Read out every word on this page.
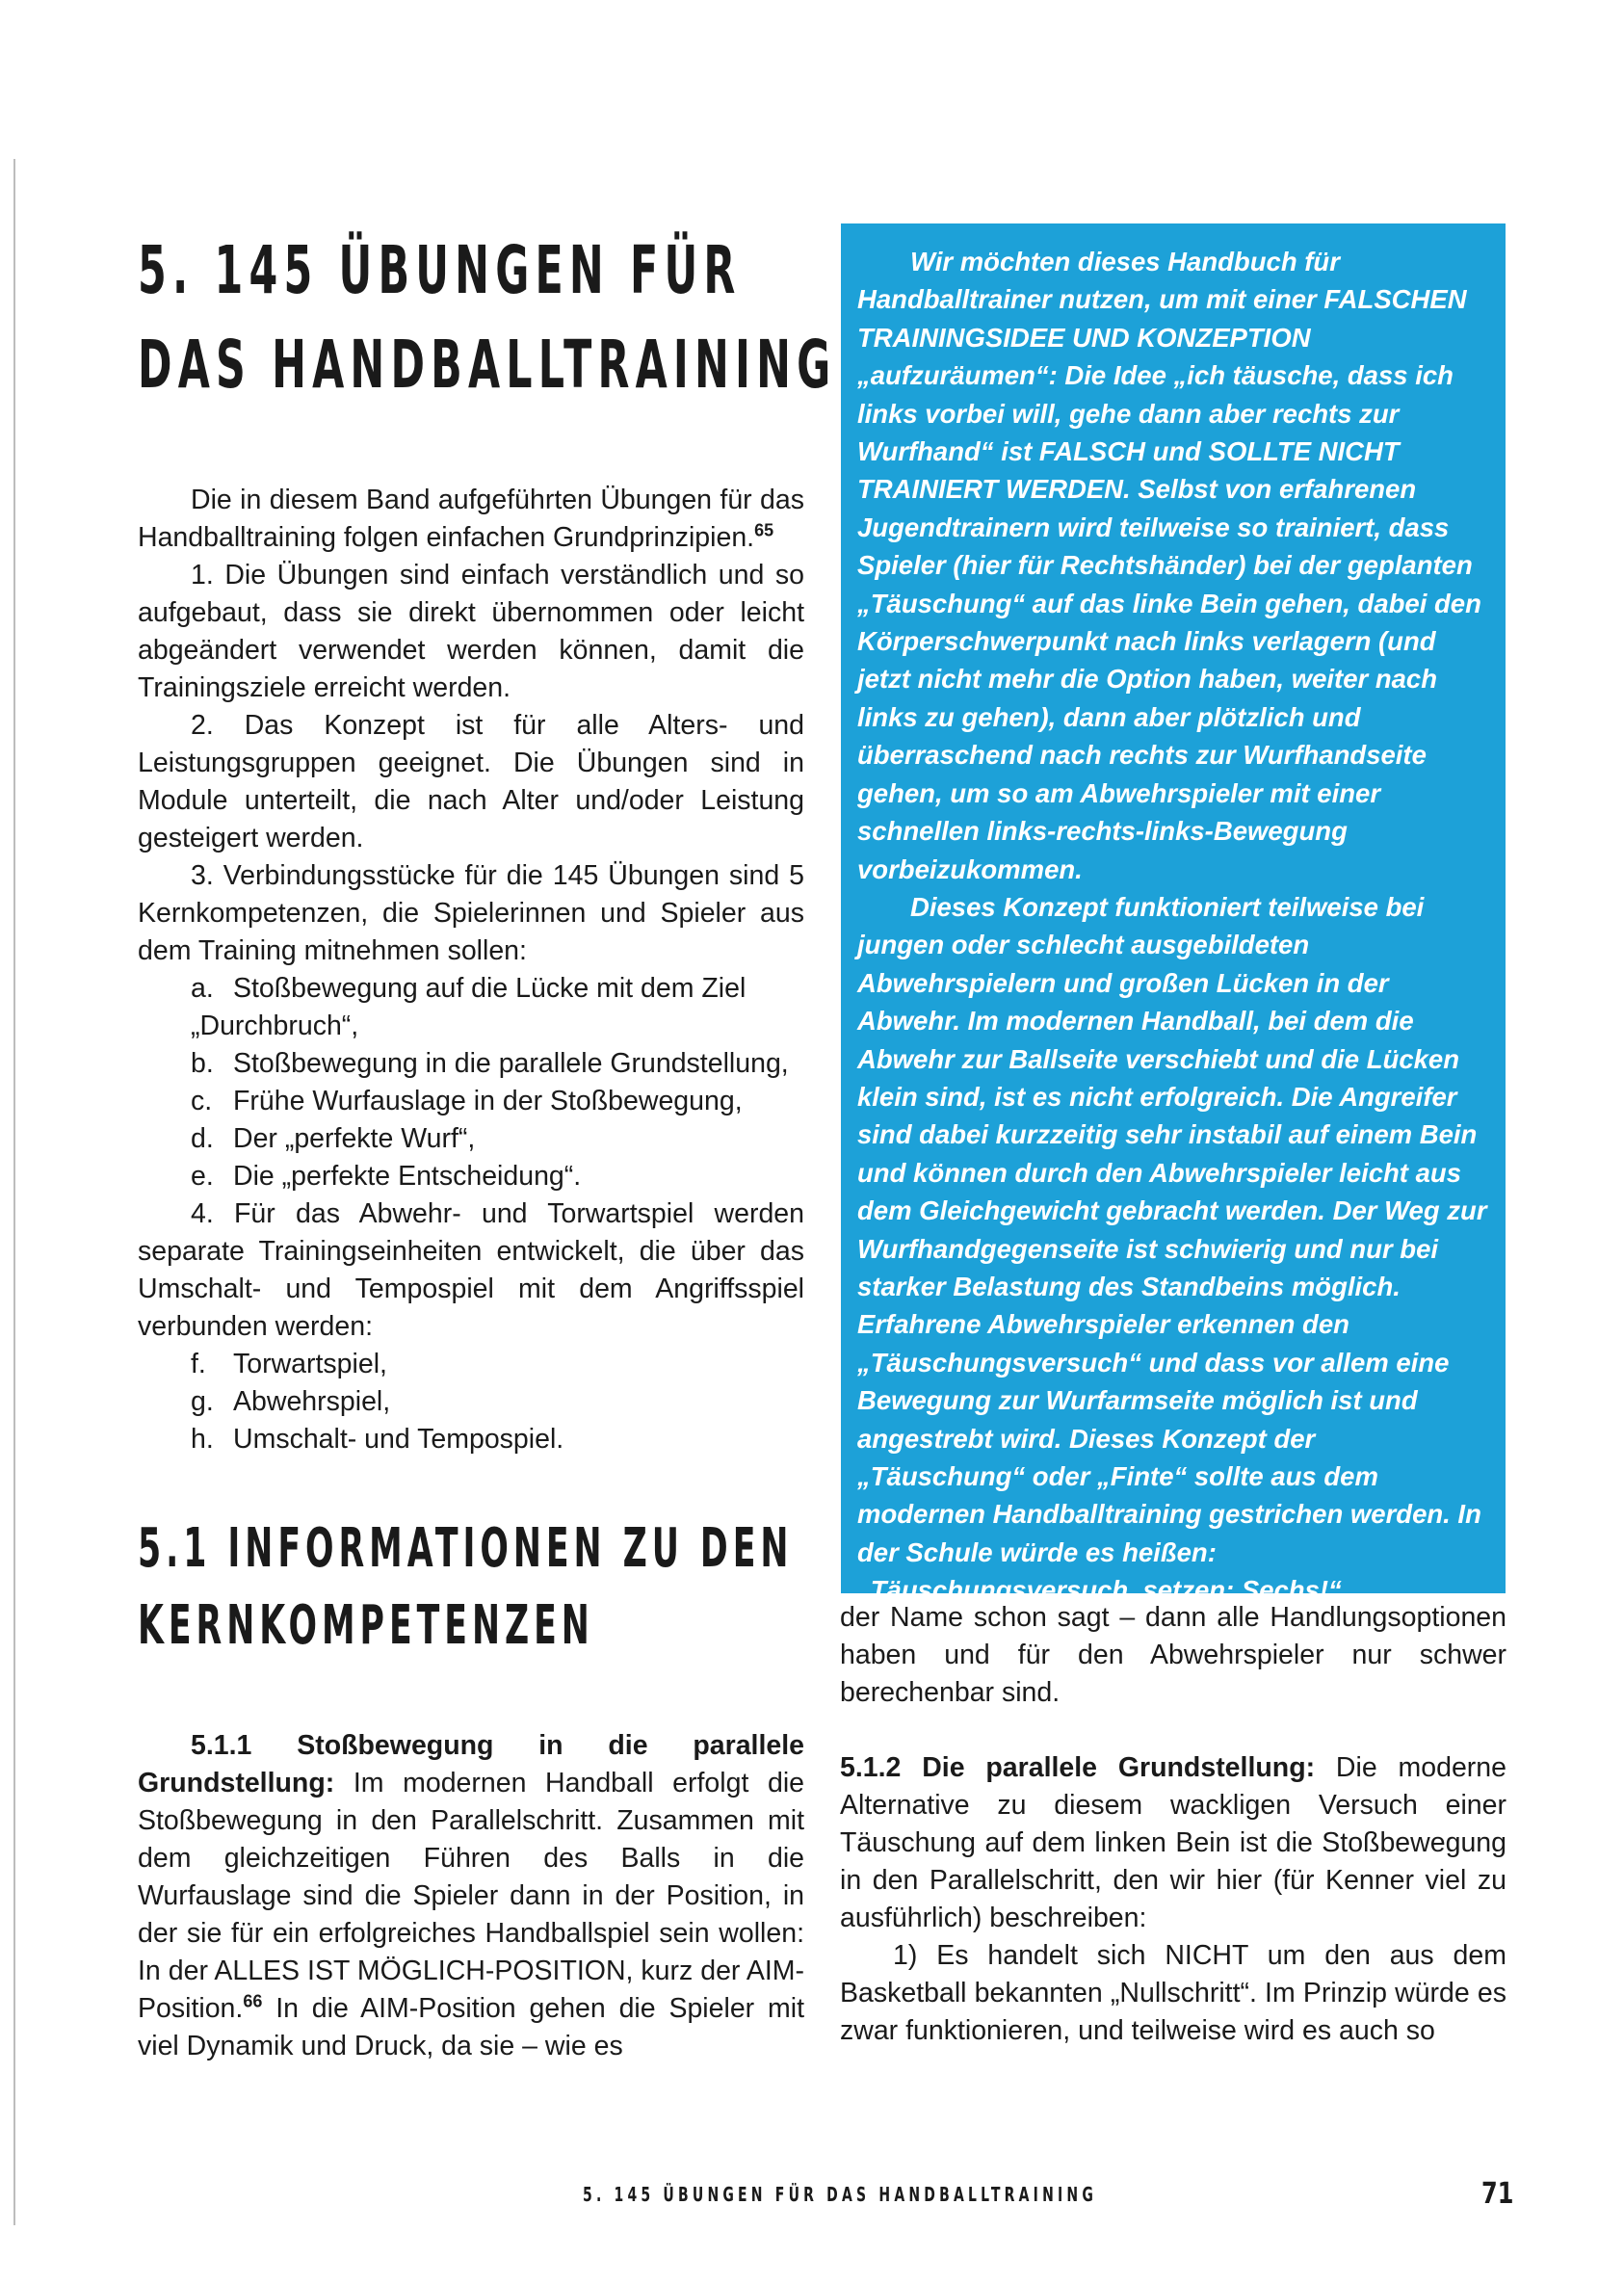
5. 145 ÜBUNGEN FÜR
DAS HANDBALLTRAINING

Die in diesem Band aufgeführten Übungen für das Handballtraining folgen einfachen Grundprinzipien.$^{65}$

1. Die Übungen sind einfach verständlich und so aufgebaut, dass sie direkt übernommen oder leicht abgeändert verwendet werden können, damit die Trainingsziele erreicht werden.

2. Das Konzept ist für alle Alters- und Leistungsgruppen geeignet. Die Übungen sind in Module unterteilt, die nach Alter und/oder Leistung gesteigert werden.

3. Verbindungsstücke für die 145 Übungen sind 5 Kernkompetenzen, die Spielerinnen und Spieler aus dem Training mitnehmen sollen:

a. Stoßbewegung auf die Lücke mit dem Ziel „Durchbruch“,
b. Stoßbewegung in die parallele Grundstellung,
c. Frühe Wurfauslage in der Stoßbewegung,
d. Der „perfekte Wurf“,
e. Die „perfekte Entscheidung“.

4. Für das Abwehr- und Torwartspiel werden separate Trainingseinheiten entwickelt, die über das Umschalt- und Tempospiel mit dem Angriffsspiel verbunden werden:

f. Torwartspiel,
g. Abwehrspiel,
h. Umschalt- und Tempospiel.
5.1 INFORMATIONEN ZU DEN
KERNKOMPETENZEN

5.1.1 Stoßbewegung in die parallele Grundstellung: Im modernen Handball erfolgt die Stoßbewegung in den Parallelschritt. Zusammen mit dem gleichzeitigen Führen des Balls in die Wurfauslage sind die Spieler dann in der Position, in der sie für ein erfolgreiches Handballspiel sein wollen: In der ALLES IST MÖGLICH-POSITION, kurz der AIM-Position.$^{66}$ In die AIM-Position gehen die Spieler mit viel Dynamik und Druck, da sie – wie es

Wir möchten dieses Handbuch für Handballtrainer nutzen, um mit einer FALSCHEN TRAININGSIDEE UND KONZEPTION „aufzuräumen“: Die Idee „ich täusche, dass ich links vorbei will, gehe dann aber rechts zur Wurfhand“ ist FALSCH und SOLLTE NICHT TRAINIERT WERDEN. Selbst von erfahrenen Jugendtrainern wird teilweise so trainiert, dass Spieler (hier für Rechtshänder) bei der geplanten „Täuschung“ auf das linke Bein gehen, dabei den Körperschwerpunkt nach links verlagern (und jetzt nicht mehr die Option haben, weiter nach links zu gehen), dann aber plötzlich und überraschend nach rechts zur Wurfhandseite gehen, um so am Abwehrspieler mit einer schnellen links-rechts-links-Bewegung vorbeizukommen.

Dieses Konzept funktioniert teilweise bei jungen oder schlecht ausgebildeten Abwehrspielern und großen Lücken in der Abwehr. Im modernen Handball, bei dem die Abwehr zur Ballseite verschiebt und die Lücken klein sind, ist es nicht erfolgreich. Die Angreifer sind dabei kurzzeitig sehr instabil auf einem Bein und können durch den Abwehrspieler leicht aus dem Gleichgewicht gebracht werden. Der Weg zur Wurfhandgegenseite ist schwierig und nur bei starker Belastung des Standbeins möglich. Erfahrene Abwehrspieler erkennen den „Täuschungsversuch“ und dass vor allem eine Bewegung zur Wurfarmseite möglich ist und angestrebt wird. Dieses Konzept der „Täuschung“ oder „Finte“ sollte aus dem modernen Handballtraining gestrichen werden. In der Schule würde es heißen: „Täuschungsversuch, setzen: Sechs!“

der Name schon sagt – dann alle Handlungsoptionen haben und für den Abwehrspieler nur schwer berechenbar sind.

5.1.2 Die parallele Grundstellung: Die moderne Alternative zu diesem wackligen Versuch einer Täuschung auf dem linken Bein ist die Stoßbewegung in den Parallelschritt, den wir hier (für Kenner viel zu ausführlich) beschreiben:

1) Es handelt sich NICHT um den aus dem Basketball bekannten „Nullschritt“. Im Prinzip würde es zwar funktionieren, und teilweise wird es auch so

5. 145 ÜBUNGEN FÜR DAS HANDBALLTRAINING	71
